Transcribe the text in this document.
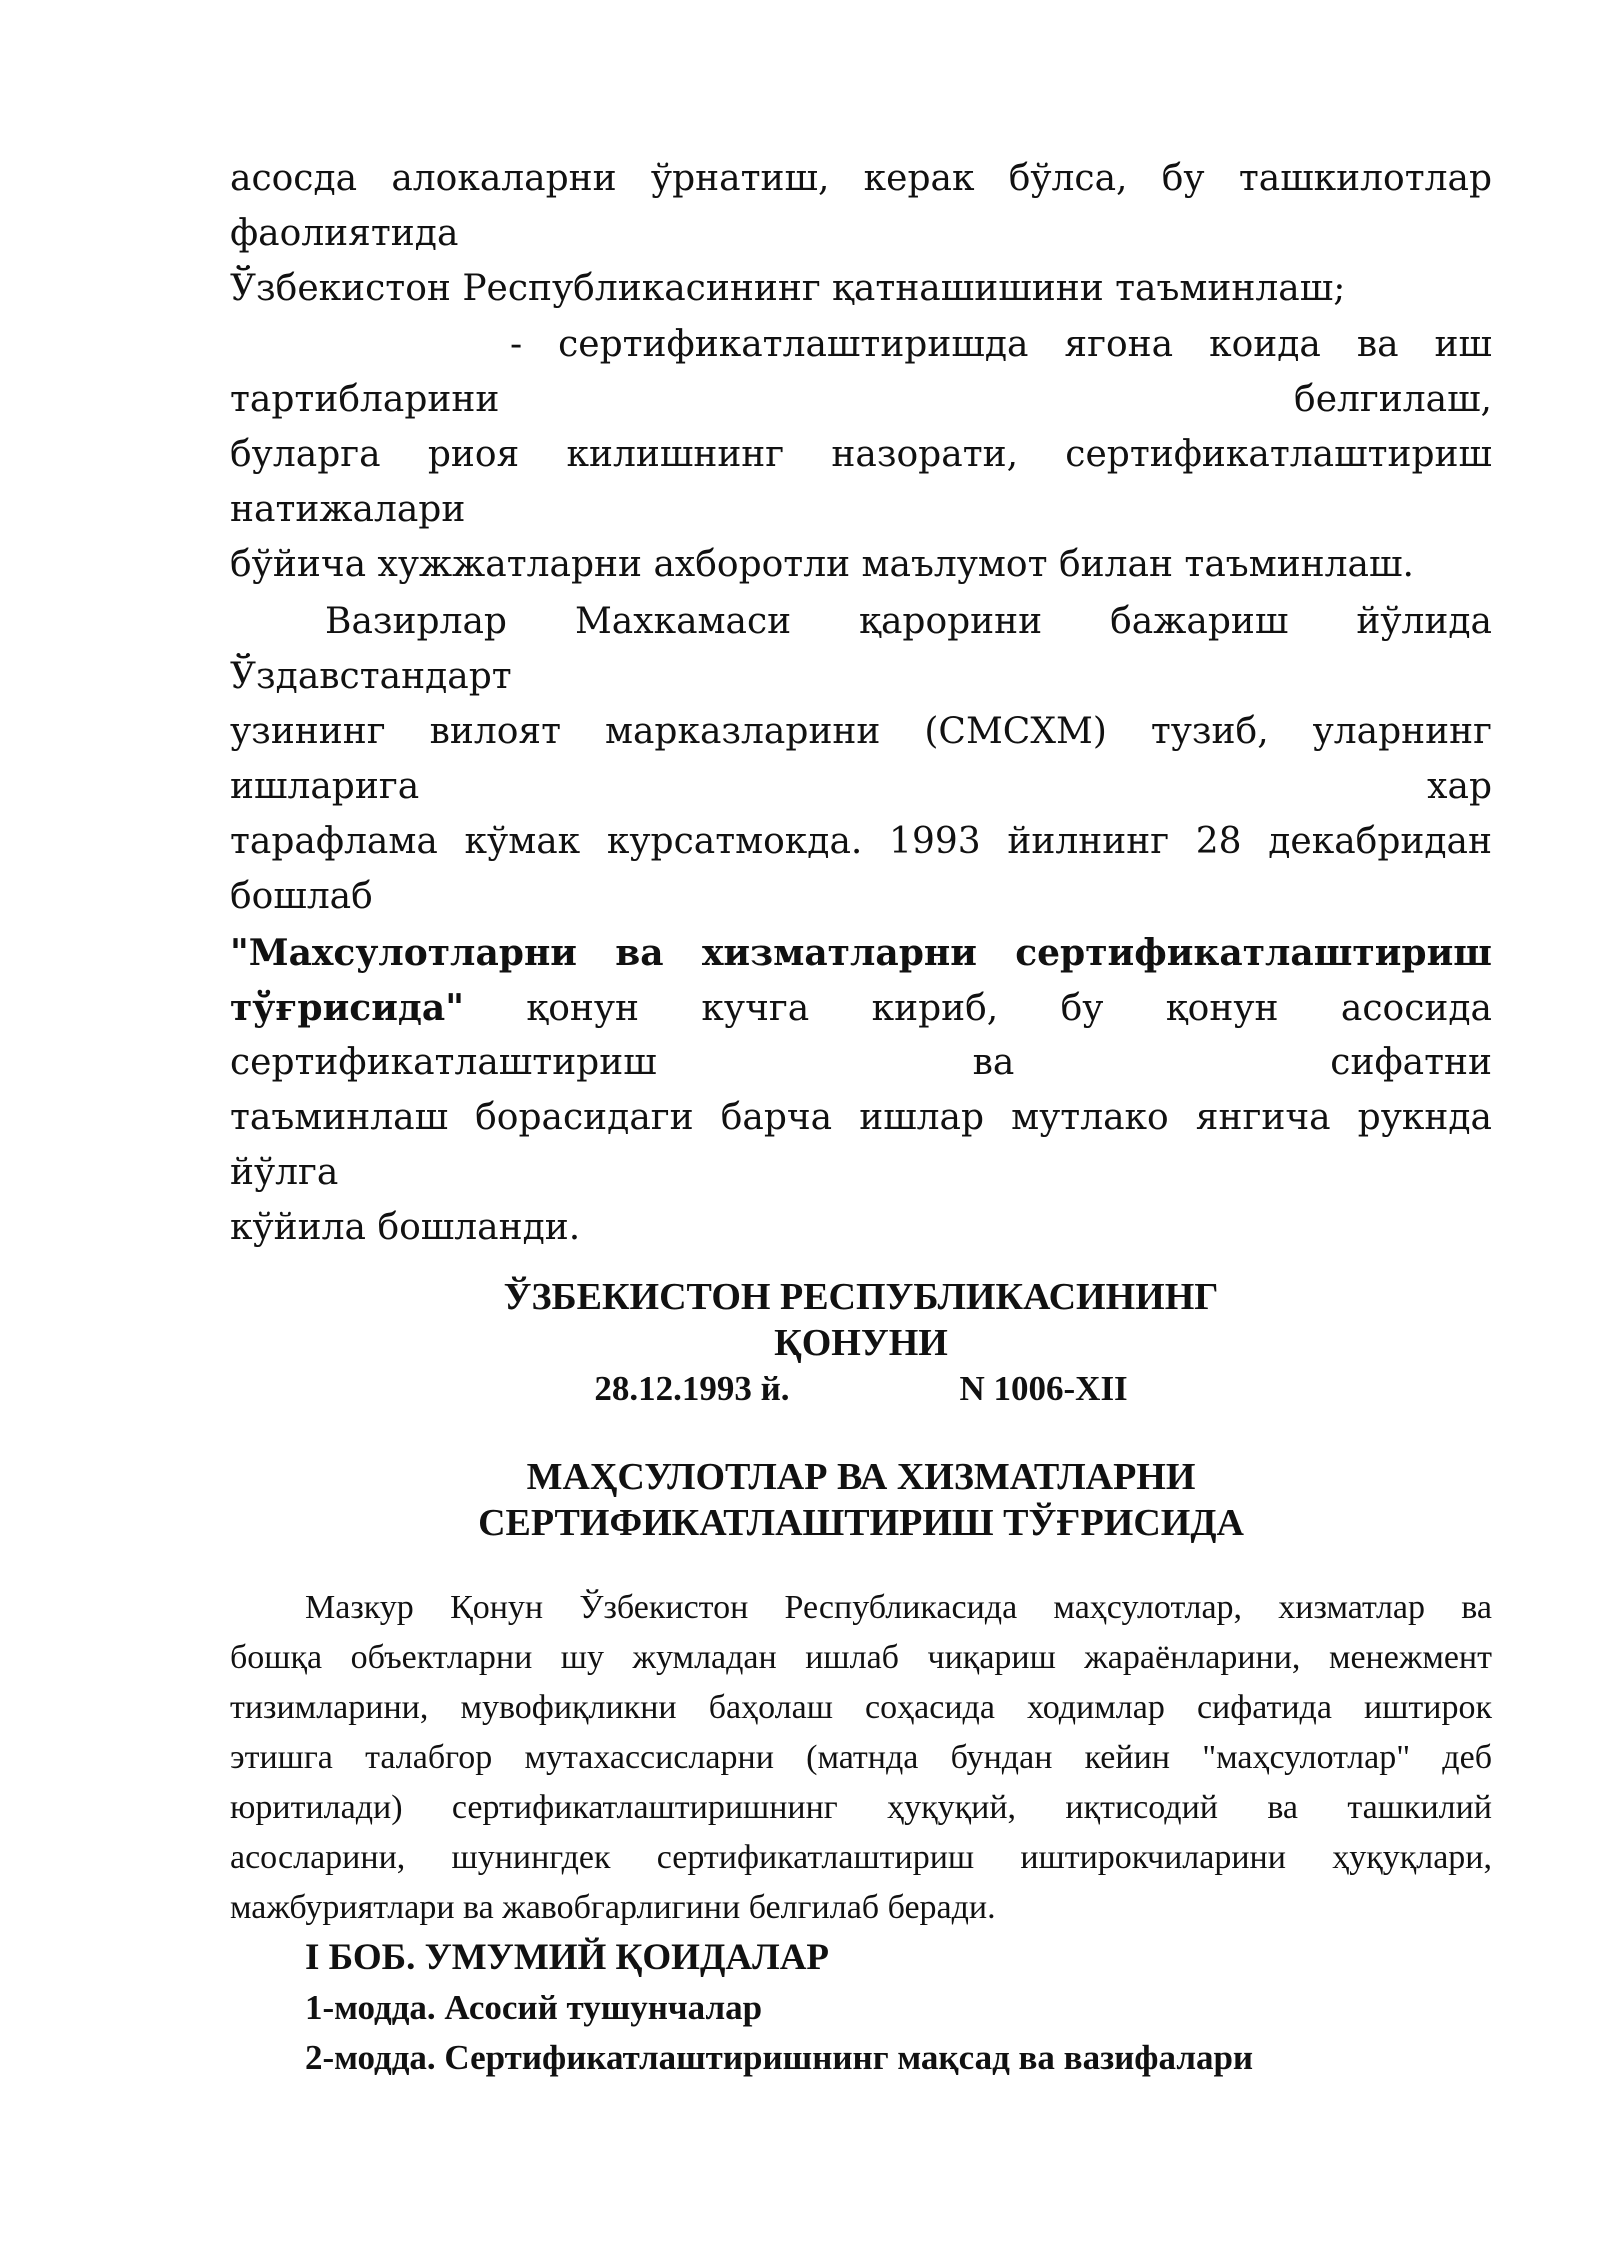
асосда алокаларни ўрнатиш, керак бўлса, бу ташкилотлар
фаолиятида
Ўзбекистон Республикасининг қатнашишини таъминлаш;
- сертификатлаштиришда ягона коида ва иш
тартибларини белгилаш,
буларга риоя килишнинг назорати, сертификатлаштириш
натижалари
бўйича хужжатларни ахборотли маълумот билан таъминлаш.
Вазирлар Махкамаси қарорини бажариш йўлида
Ўздавстандарт
узининг вилоят марказларини (СМСХМ) тузиб, уларнинг
ишларига хар
тарафлама кўмак курсатмокда. 1993 йилнинг 28 декабридан
бошлаб
"Махсулотларни ва хизматларни сертификатлаштириш
тўғрисида" қонун кучга кириб, бу қонун асосида
сертификатлаштириш ва сифатни
таъминлаш борасидаги барча ишлар мутлако янгича рукнда
йўлга
кўйила бошланди.
ЎЗБЕКИСТОН РЕСПУБЛИКАСИНИНГ
ҚОНУНИ
28.12.1993 й.	N 1006-XII
МАҲСУЛОТЛАР ВА ХИЗМАТЛАРНИ
СЕРТИФИКАТЛАШТИРИШ ТЎҒРИСИДА
Мазкур Қонун Ўзбекистон Республикасида маҳсулотлар, хизматлар ва
бошқа объектларни шу жумладан ишлаб чиқариш жараёнларини, менежмент
тизимларини, мувофиқликни баҳолаш соҳасида ходимлар сифатида иштирок
этишга талабгор мутахассисларни (матнда бундан кейин "маҳсулотлар" деб
юритилади) сертификатлаштиришнинг ҳуқуқий, иқтисодий ва ташкилий
асосларини, шунингдек сертификатлаштириш иштирокчиларини ҳуқуқлари,
мажбуриятлари ва жавобгарлигини белгилаб беради.
I БОБ. УМУМИЙ ҚОИДАЛАР
1-модда. Асосий тушунчалар
2-модда. Сертификатлаштиришнинг мақсад ва вазифалари
